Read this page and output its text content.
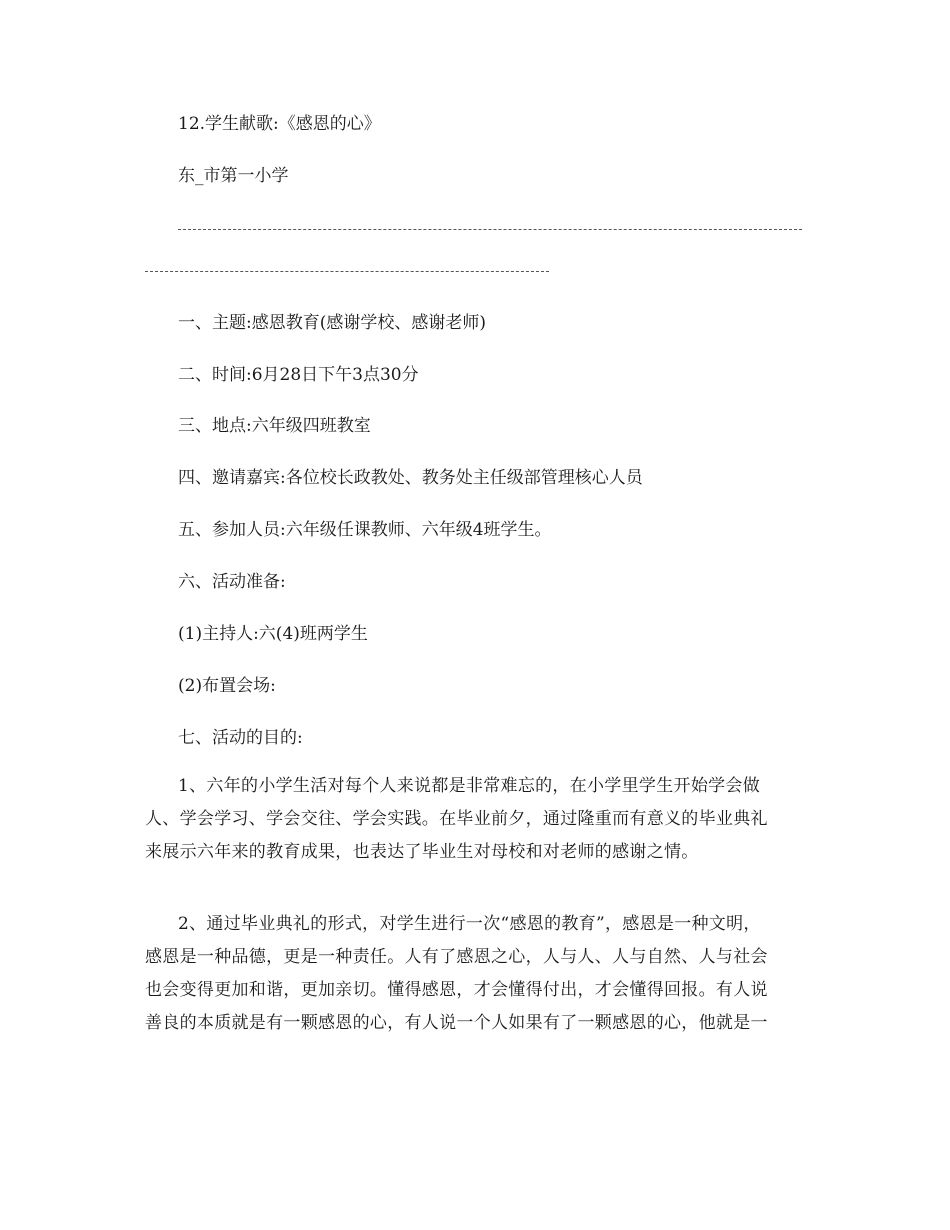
12.学生献歌:《感恩的心》
东_市第一小学
一、主题:感恩教育(感谢学校、感谢老师)
二、时间:6月28日下午3点30分
三、地点:六年级四班教室
四、邀请嘉宾:各位校长政教处、教务处主任级部管理核心人员
五、参加人员:六年级任课教师、六年级4班学生。
六、活动准备:
(1)主持人:六(4)班两学生
(2)布置会场:
七、活动的目的:
1、六年的小学生活对每个人来说都是非常难忘的，在小学里学生开始学会做
人、学会学习、学会交往、学会实践。在毕业前夕，通过隆重而有意义的毕业典礼
来展示六年来的教育成果，也表达了毕业生对母校和对老师的感谢之情。
2、通过毕业典礼的形式，对学生进行一次“感恩的教育”，感恩是一种文明，
感恩是一种品德，更是一种责任。人有了感恩之心，人与人、人与自然、人与社会
也会变得更加和谐，更加亲切。懂得感恩，才会懂得付出，才会懂得回报。有人说
善良的本质就是有一颗感恩的心，有人说一个人如果有了一颗感恩的心，他就是一
